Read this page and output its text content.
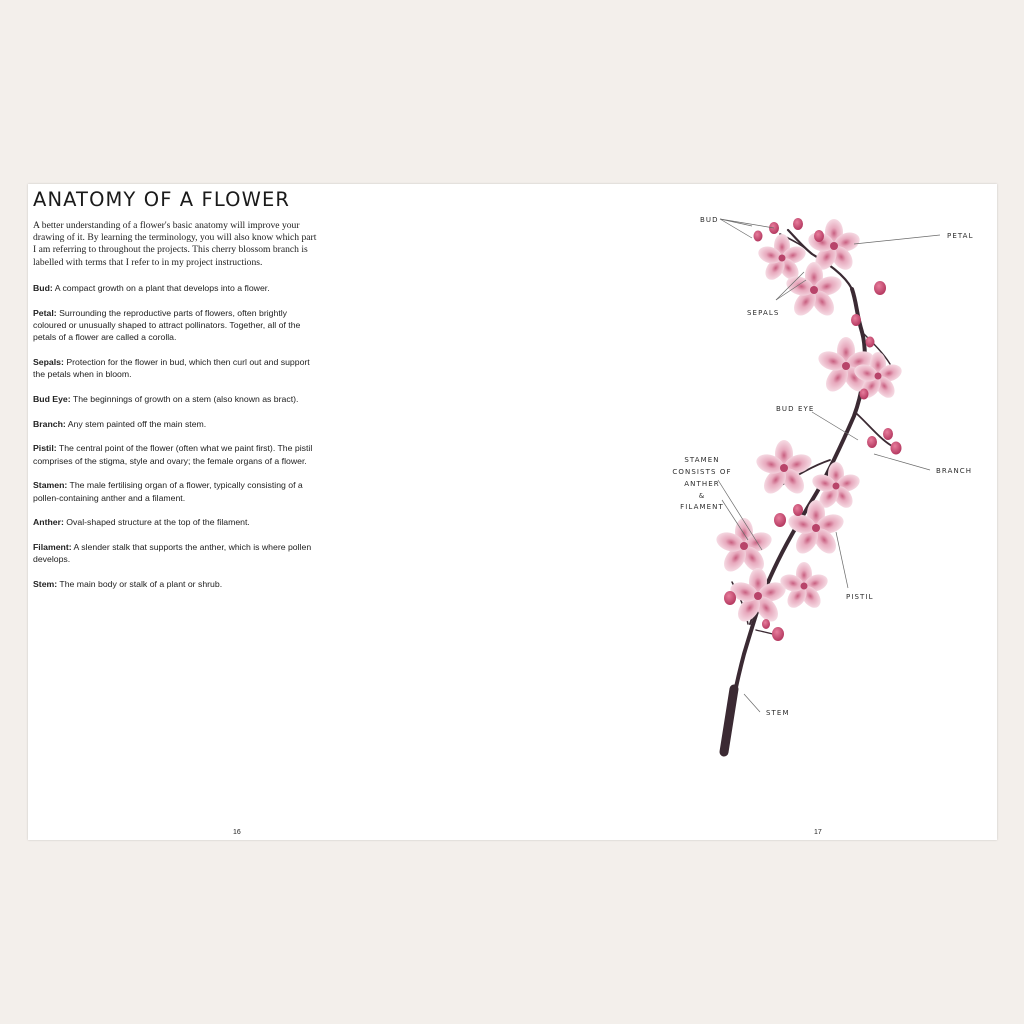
ANATOMY OF A FLOWER

A better understanding of a flower's basic anatomy will improve your drawing of it. By learning the terminology, you will also know which part I am referring to throughout the projects. This cherry blossom branch is labelled with terms that I refer to in my project instructions.

Bud: A compact growth on a plant that develops into a flower.

Petal: Surrounding the reproductive parts of flowers, often brightly coloured or unusually shaped to attract pollinators. Together, all of the petals of a flower are called a corolla.

Sepals: Protection for the flower in bud, which then curl out and support the petals when in bloom.

Bud Eye: The beginnings of growth on a stem (also known as bract).

Branch: Any stem painted off the main stem.

Pistil: The central point of the flower (often what we paint first). The pistil comprises of the stigma, style and ovary; the female organs of a flower.

Stamen: The male fertilising organ of a flower, typically consisting of a pollen-containing anther and a filament.

Anther: Oval-shaped structure at the top of the filament.

Filament: A slender stalk that supports the anther, which is where pollen develops.

Stem: The main body or stalk of a plant or shrub.

16
BUD
PETAL
SEPALS
BUD EYE
BRANCH
STAMEN
CONSISTS OF
ANTHER
&
FILAMENT
PISTIL
STEM
17
